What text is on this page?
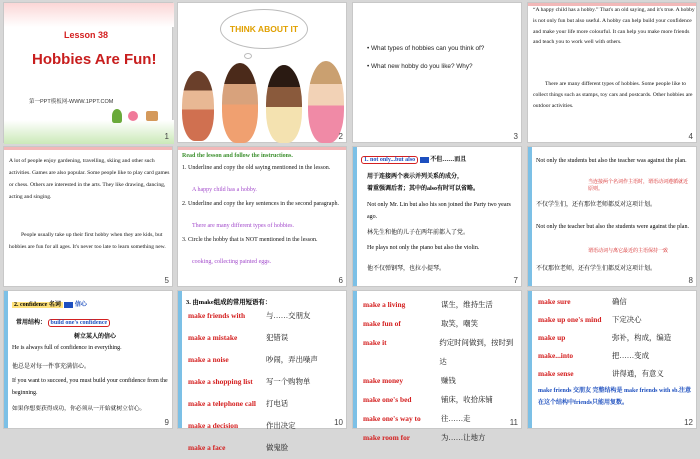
Lesson 38
Hobbies Are Fun!
第一PPT模板网-WWW.1PPT.COM
1
THINK ABOUT IT
2
• What types of hobbies can you think of?
• What new hobby do you like? Why?
3
“A happy child has a hobby.” That's an old saying, and it's true. A hobby is not only fun but also useful. A hobby can help build your confidence and make your life more colourful. It can help you make more friends and teach you to work well with others.
There are many different types of hobbies. Some people like to collect things such as stamps, toy cars and postcards. Other hobbies are outdoor activities.
4
A lot of people enjoy gardening, travelling, skiing and other such activities. Games are also popular. Some people like to play card games or chess. Others are interested in the arts. They like drawing, dancing, acting and singing.
People usually take up their first hobby when they are kids, but hobbies are fun for all ages. It's never too late to learn something new.
5
Read the lesson and follow the instructions.
1. Underline and copy the old saying mentioned in the lesson.
A happy child has a hobby.
2. Underline and copy the key sentences in the second paragraph.
There are many different types of hobbies.
3. Circle the hobby that is NOT mentioned in the lesson.
cooking, collecting painted eggs.
6
1. not only...but also	不但……而且
用于连接两个表示并列关系的成分，
着重强调后者；其中的also有时可以省略。
Not only Mr. Lin but also his son joined the Party two years ago.
林先生和他的儿子在两年前都入了党。
He plays not only the piano but also the violin.
他不仅弹钢琴，也拉小提琴。
7
Not only the students but also the teacher was against the plan.
当连接两个名词作主语时，谓语动词遵循就近原则。
不仅学生们，还有那位老师都反对这项计划。
Not only the teacher but also the students were against the plan.
谓语动词与离它最近的主语保持一致
不仅那位老师，还有学生们都反对这项计划。
8
2. confidence 名词 信心
常用结构： build one's confidence
树立某人的信心
He is always full of confidence in everything.
他总是对每一件事充满信心。
If you want to succeed, you must build your confidence from the beginning.
如果你想要获得成功，你必须从一开始就树立信心。
9
3. 由make组成的常用短语有：
make friends with	与……交朋友
make a mistake	犯错误
make a noise	吵闹，弄出噪声
make a shopping list	写一个购物单
make a telephone call	打电话
make a decision	作出决定
make a face	做鬼脸
10
make a living	谋生，维持生活
make fun of	取笑，嘲笑
make it	约定时间做到，按时到达
make money	赚钱
make one's bed	铺床，收拾床铺
make one's way to	往……走
make room for	为……让地方
11
make sure	确信
make up one's mind	下定决心
make up	弥补，构成，编造
make...into	把……变成
make sense	讲得通，有意义
make friends 交朋友 完整结构是 make friends with sb.注意在这个结构中friends只能用复数。
12
